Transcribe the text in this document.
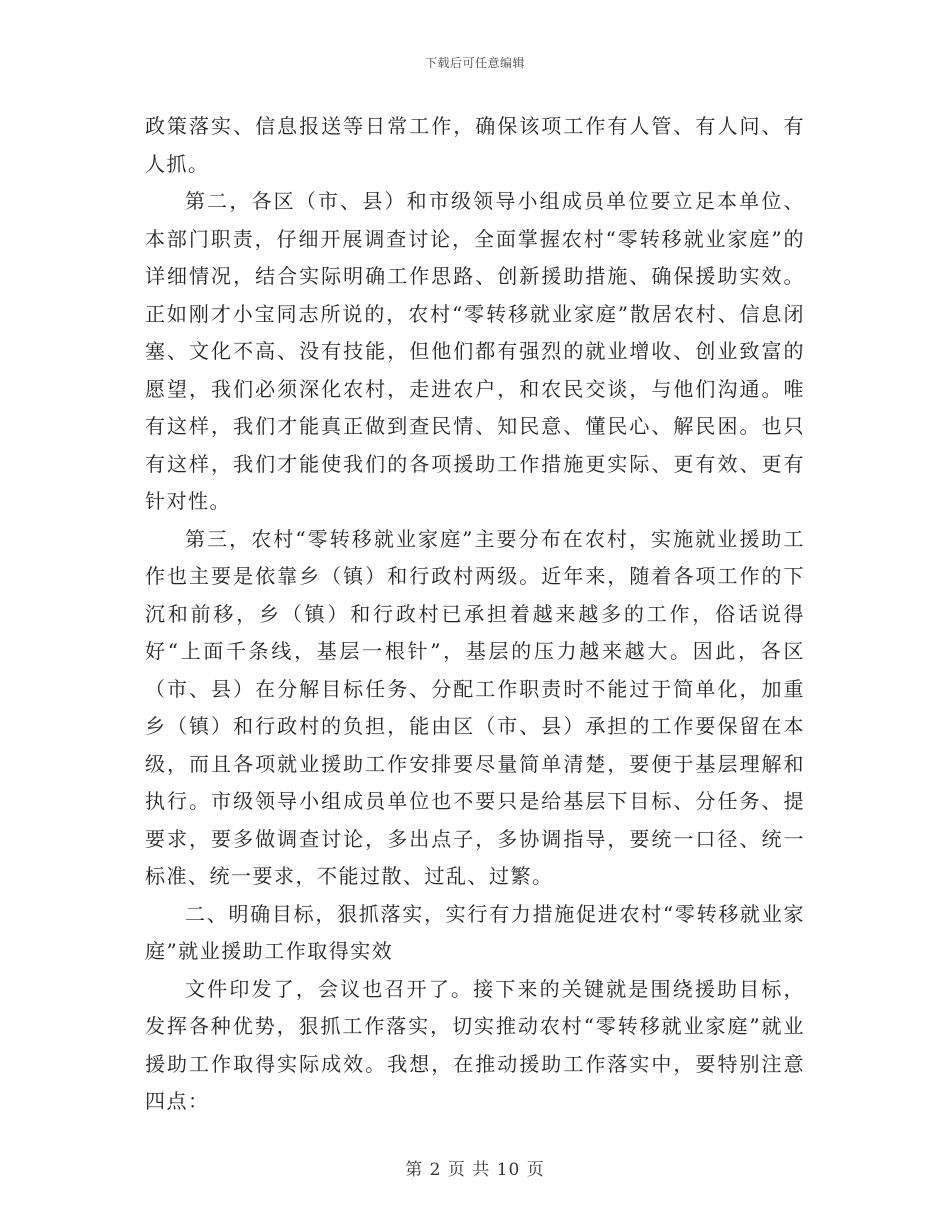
下载后可任意编辑

政策落实、信息报送等日常工作，确保该项工作有人管、有人问、有人抓。

第二，各区（市、县）和市级领导小组成员单位要立足本单位、本部门职责，仔细开展调查讨论，全面掌握农村“零转移就业家庭”的详细情况，结合实际明确工作思路、创新援助措施、确保援助实效。正如刚才小宝同志所说的，农村“零转移就业家庭”散居农村、信息闭塞、文化不高、没有技能，但他们都有强烈的就业增收、创业致富的愿望，我们必须深化农村，走进农户，和农民交谈，与他们沟通。唯有这样，我们才能真正做到查民情、知民意、懂民心、解民困。也只有这样，我们才能使我们的各项援助工作措施更实际、更有效、更有针对性。

第三，农村“零转移就业家庭”主要分布在农村，实施就业援助工作也主要是依靠乡（镇）和行政村两级。近年来，随着各项工作的下沉和前移，乡（镇）和行政村已承担着越来越多的工作，俗话说得好“上面千条线，基层一根针”，基层的压力越来越大。因此，各区（市、县）在分解目标任务、分配工作职责时不能过于简单化，加重乡（镇）和行政村的负担，能由区（市、县）承担的工作要保留在本级，而且各项就业援助工作安排要尽量简单清楚，要便于基层理解和执行。市级领导小组成员单位也不要只是给基层下目标、分任务、提要求，要多做调查讨论，多出点子，多协调指导，要统一口径、统一标准、统一要求，不能过散、过乱、过繁。

二、明确目标，狠抓落实，实行有力措施促进农村“零转移就业家庭”就业援助工作取得实效

文件印发了，会议也召开了。接下来的关键就是围绕援助目标，发挥各种优势，狠抓工作落实，切实推动农村“零转移就业家庭”就业援助工作取得实际成效。我想，在推动援助工作落实中，要特别注意四点：

第 2 页 共 10 页
